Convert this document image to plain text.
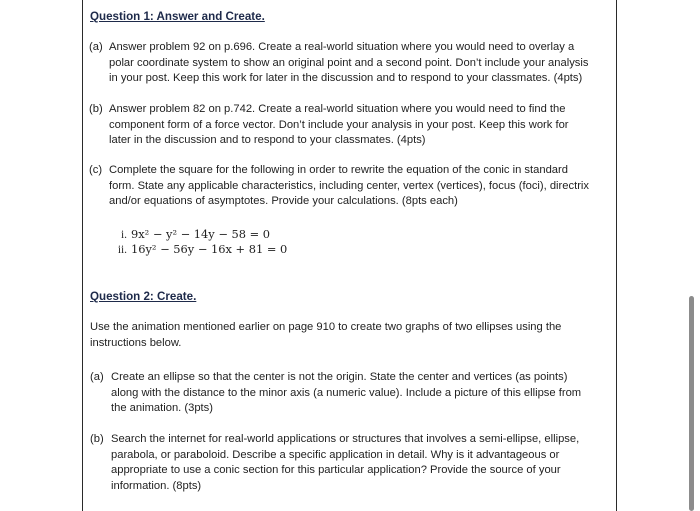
Question 1: Answer and Create.
(a) Answer problem 92 on p.696. Create a real-world situation where you would need to overlay a
polar coordinate system to show an original point and a second point. Don’t include your analysis
in your post. Keep this work for later in the discussion and to respond to your classmates. (4pts)
(b) Answer problem 82 on p.742. Create a real-world situation where you would need to find the
component form of a force vector. Don’t include your analysis in your post. Keep this work for
later in the discussion and to respond to your classmates. (4pts)
(c) Complete the square for the following in order to rewrite the equation of the conic in standard
form. State any applicable characteristics, including center, vertex (vertices), focus (foci), directrix
and/or equations of asymptotes. Provide your calculations. (8pts each)
i. 9x² − y² − 14y − 58 = 0
ii. 16y² − 56y − 16x + 81 = 0
Question 2: Create.
Use the animation mentioned earlier on page 910 to create two graphs of two ellipses using the
instructions below.
(a) Create an ellipse so that the center is not the origin. State the center and vertices (as points)
along with the distance to the minor axis (a numeric value). Include a picture of this ellipse from
the animation. (3pts)
(b) Search the internet for real-world applications or structures that involves a semi-ellipse, ellipse,
parabola, or paraboloid. Describe a specific application in detail. Why is it advantageous or
appropriate to use a conic section for this particular application? Provide the source of your
information. (8pts)
